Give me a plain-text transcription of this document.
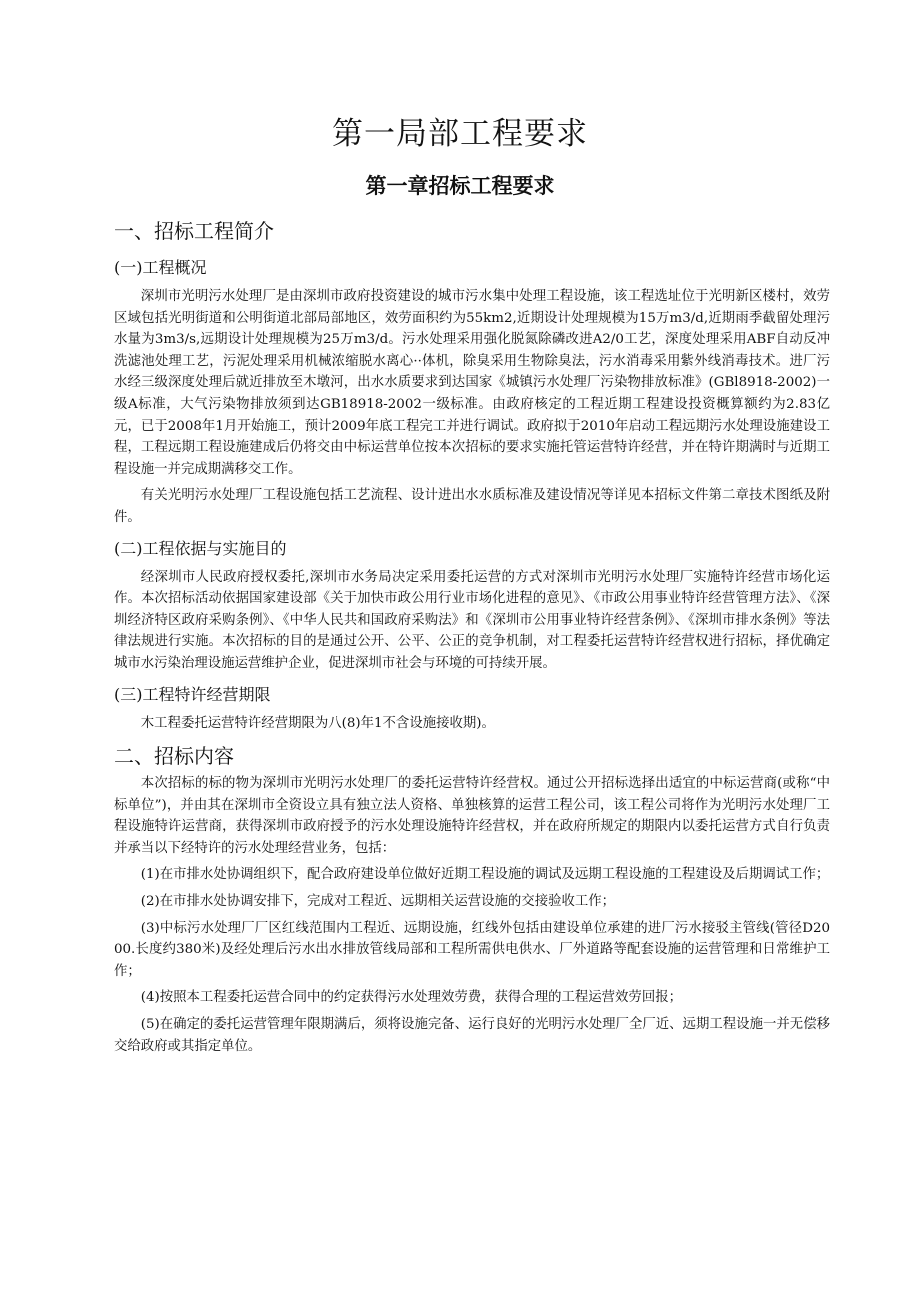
第一局部工程要求
第一章招标工程要求
一、招标工程简介
(一)工程概况

深圳市光明污水处理厂是由深圳市政府投资建设的城市污水集中处理工程设施，该工程选址位于光明新区楼村，效劳区域包括光明街道和公明街道北部局部地区，效劳面积约为55km2,近期设计处理规模为15万m3/d,近期雨季截留处理污水量为3m3/s,远期设计处理规模为25万m3/d。污水处理采用强化脱氮除磷改进A2/0工艺，深度处理采用ABF自动反冲洗滤池处理工艺，污泥处理采用机械浓缩脱水离心··体机，除臭采用生物除臭法，污水消毒采用紫外线消毒技术。进厂污水经三级深度处理后就近排放至木墩河，出水水质要求到达国家《城镇污水处理厂污染物排放标准》(GBl8918-2002)一级A标准，大气污染物排放须到达GB18918-2002一级标准。由政府核定的工程近期工程建设投资概算额约为2.83亿元，已于2008年1月开始施工，预计2009年底工程完工并进行调试。政府拟于2010年启动工程远期污水处理设施建设工程，工程远期工程设施建成后仍将交由中标运营单位按本次招标的要求实施托管运营特许经营，并在特许期满时与近期工程设施一并完成期满移交工作。

有关光明污水处理厂工程设施包括工艺流程、设计进出水水质标准及建设情况等详见本招标文件第二章技术图纸及附件。

(二)工程依据与实施目的

经深圳市人民政府授权委托,深圳市水务局决定采用委托运营的方式对深圳市光明污水处理厂实施特许经营市场化运作。本次招标活动依据国家建设部《关于加快市政公用行业市场化进程的意见》、《市政公用事业特许经营管理方法》、《深圳经济特区政府采购条例》、《中华人民共和国政府采购法》和《深圳市公用事业特许经营条例》、《深圳市排水条例》等法律法规进行实施。本次招标的目的是通过公开、公平、公正的竞争机制，对工程委托运营特许经营权进行招标，择优确定城市水污染治理设施运营维护企业，促进深圳市社会与环境的可持续开展。

(三)工程特许经营期限

木工程委托运营特许经营期限为八(8)年1不含设施接收期)。

二、招标内容

本次招标的标的物为深圳市光明污水处理厂的委托运营特许经营权。通过公开招标选择出适宜的中标运营商(或称“中标单位”)，并由其在深圳市全资设立具有独立法人资格、单独核算的运营工程公司，该工程公司将作为光明污水处理厂工程设施特许运营商，获得深圳市政府授予的污水处理设施特许经营权，并在政府所规定的期限内以委托运营方式自行负责并承当以下经特许的污水处理经营业务，包括：

(1)在市排水处协调组织下，配合政府建设单位做好近期工程设施的调试及远期工程设施的工程建设及后期调试工作；

(2)在市排水处协调安排下，完成对工程近、远期相关运营设施的交接验收工作；

(3)中标污水处理厂厂区红线范围内工程近、远期设施，红线外包括由建设单位承建的进厂污水接驳主管线(管径D2000.长度约380米)及经处理后污水出水排放管线局部和工程所需供电供水、厂外道路等配套设施的运营管理和日常维护工作；

(4)按照本工程委托运营合同中的约定获得污水处理效劳费，获得合理的工程运营效劳回报；

(5)在确定的委托运营管理年限期满后，须将设施完备、运行良好的光明污水处理厂全厂近、远期工程设施一并无偿移交给政府或其指定单位。
